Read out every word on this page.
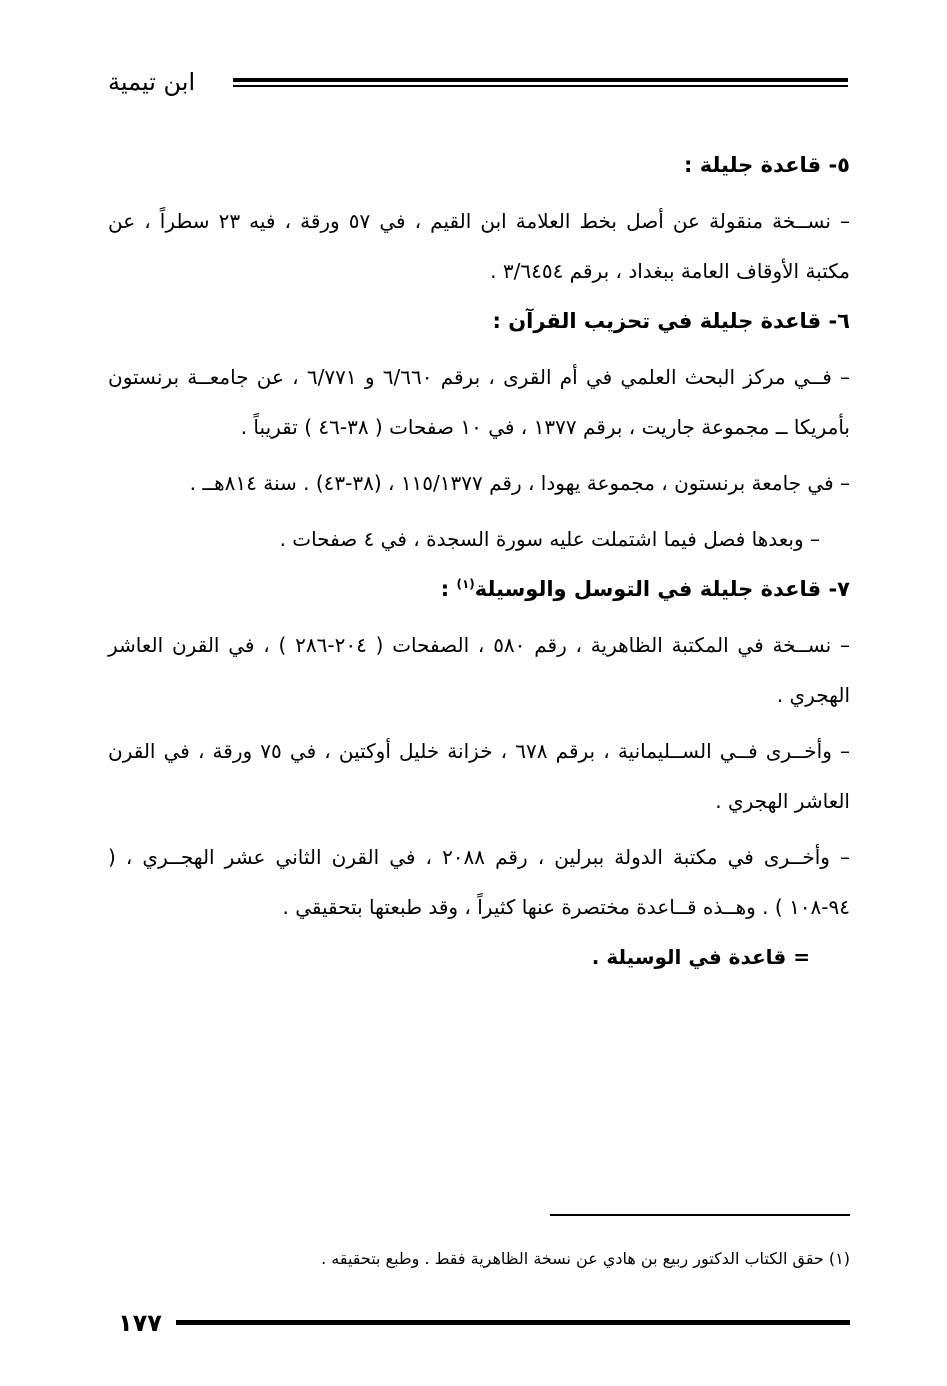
ابن تيمية

٥- قاعدة جليلة :

– نســخة منقولة عن أصل بخط العلامة ابن القيم ، في ٥٧ ورقة ، فيه ٢٣ سطراً ، عن مكتبة الأوقاف العامة ببغداد ، برقم ٣/٦٤٥٤ .

٦- قاعدة جليلة في تحزيب القرآن :

– فــي مركز البحث العلمي في أم القرى ، برقم ٦/٦٦٠ و ٦/٧٧١ ، عن جامعــة برنستون بأمريكا ــ مجموعة جاريت ، برقم ١٣٧٧ ، في ١٠ صفحات ( ٣٨-٤٦ ) تقريباً .

– في جامعة برنستون ، مجموعة يهودا ، رقم ١١٥/١٣٧٧ ، (٣٨-٤٣) . سنة ٨١٤هــ .

– وبعدها فصل فيما اشتملت عليه سورة السجدة ، في ٤ صفحات .

٧- قاعدة جليلة في التوسل والوسيلة$^{(١)}$ :

– نســخة في المكتبة الظاهرية ، رقم ٥٨٠ ، الصفحات ( ٢٠٤-٢٨٦ ) ، في القرن العاشر الهجري .

– وأخــرى فــي الســليمانية ، برقم ٦٧٨ ، خزانة خليل أوكتين ، في ٧٥ ورقة ، في القرن العاشر الهجري .

– وأخــرى في مكتبة الدولة ببرلين ، رقم ٢٠٨٨ ، في القرن الثاني عشر الهجــري ، ( ٩٤-١٠٨ ) . وهــذه قــاعدة مختصرة عنها كثيراً ، وقد طبعتها بتحقيقي .

= قاعدة في الوسيلة .

(١) حقق الكتاب الدكتور ربيع بن هادي عن نسخة الظاهرية فقط . وطبع بتحقيقه .
١٧٧
